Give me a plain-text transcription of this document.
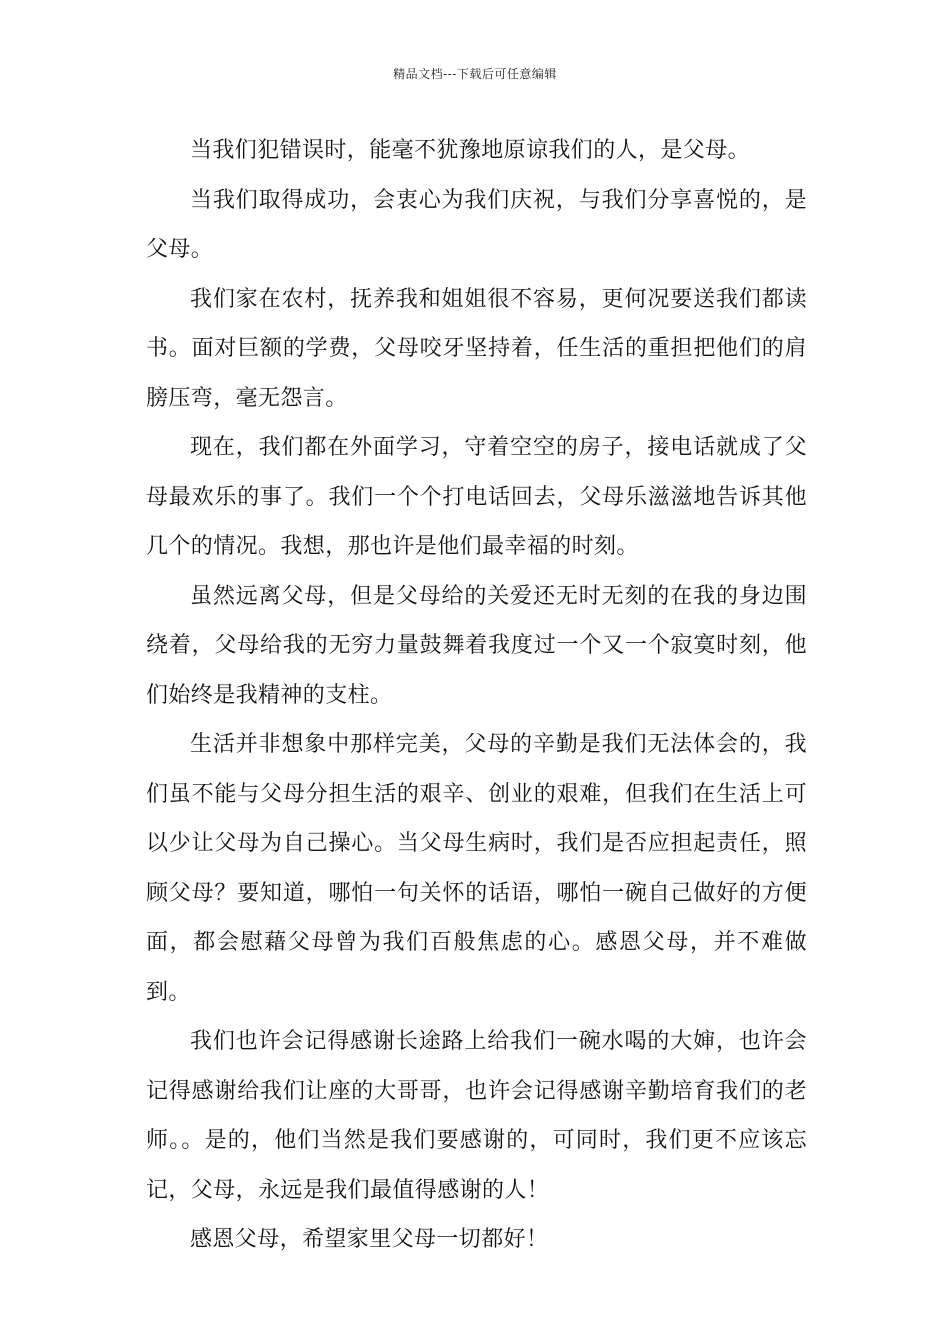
精品文档---下载后可任意编辑

当我们犯错误时，能毫不犹豫地原谅我们的人，是父母。

当我们取得成功，会衷心为我们庆祝，与我们分享喜悦的，是父母。

我们家在农村，抚养我和姐姐很不容易，更何况要送我们都读书。面对巨额的学费，父母咬牙坚持着，任生活的重担把他们的肩膀压弯，毫无怨言。

现在，我们都在外面学习，守着空空的房子，接电话就成了父母最欢乐的事了。我们一个个打电话回去，父母乐滋滋地告诉其他几个的情况。我想，那也许是他们最幸福的时刻。

虽然远离父母，但是父母给的关爱还无时无刻的在我的身边围绕着，父母给我的无穷力量鼓舞着我度过一个又一个寂寞时刻，他们始终是我精神的支柱。

生活并非想象中那样完美，父母的辛勤是我们无法体会的，我们虽不能与父母分担生活的艰辛、创业的艰难，但我们在生活上可以少让父母为自己操心。当父母生病时，我们是否应担起责任，照顾父母？要知道，哪怕一句关怀的话语，哪怕一碗自己做好的方便面，都会慰藉父母曾为我们百般焦虑的心。感恩父母，并不难做到。

我们也许会记得感谢长途路上给我们一碗水喝的大婶，也许会记得感谢给我们让座的大哥哥，也许会记得感谢辛勤培育我们的老师。。是的，他们当然是我们要感谢的，可同时，我们更不应该忘记，父母，永远是我们最值得感谢的人！

感恩父母，希望家里父母一切都好！
